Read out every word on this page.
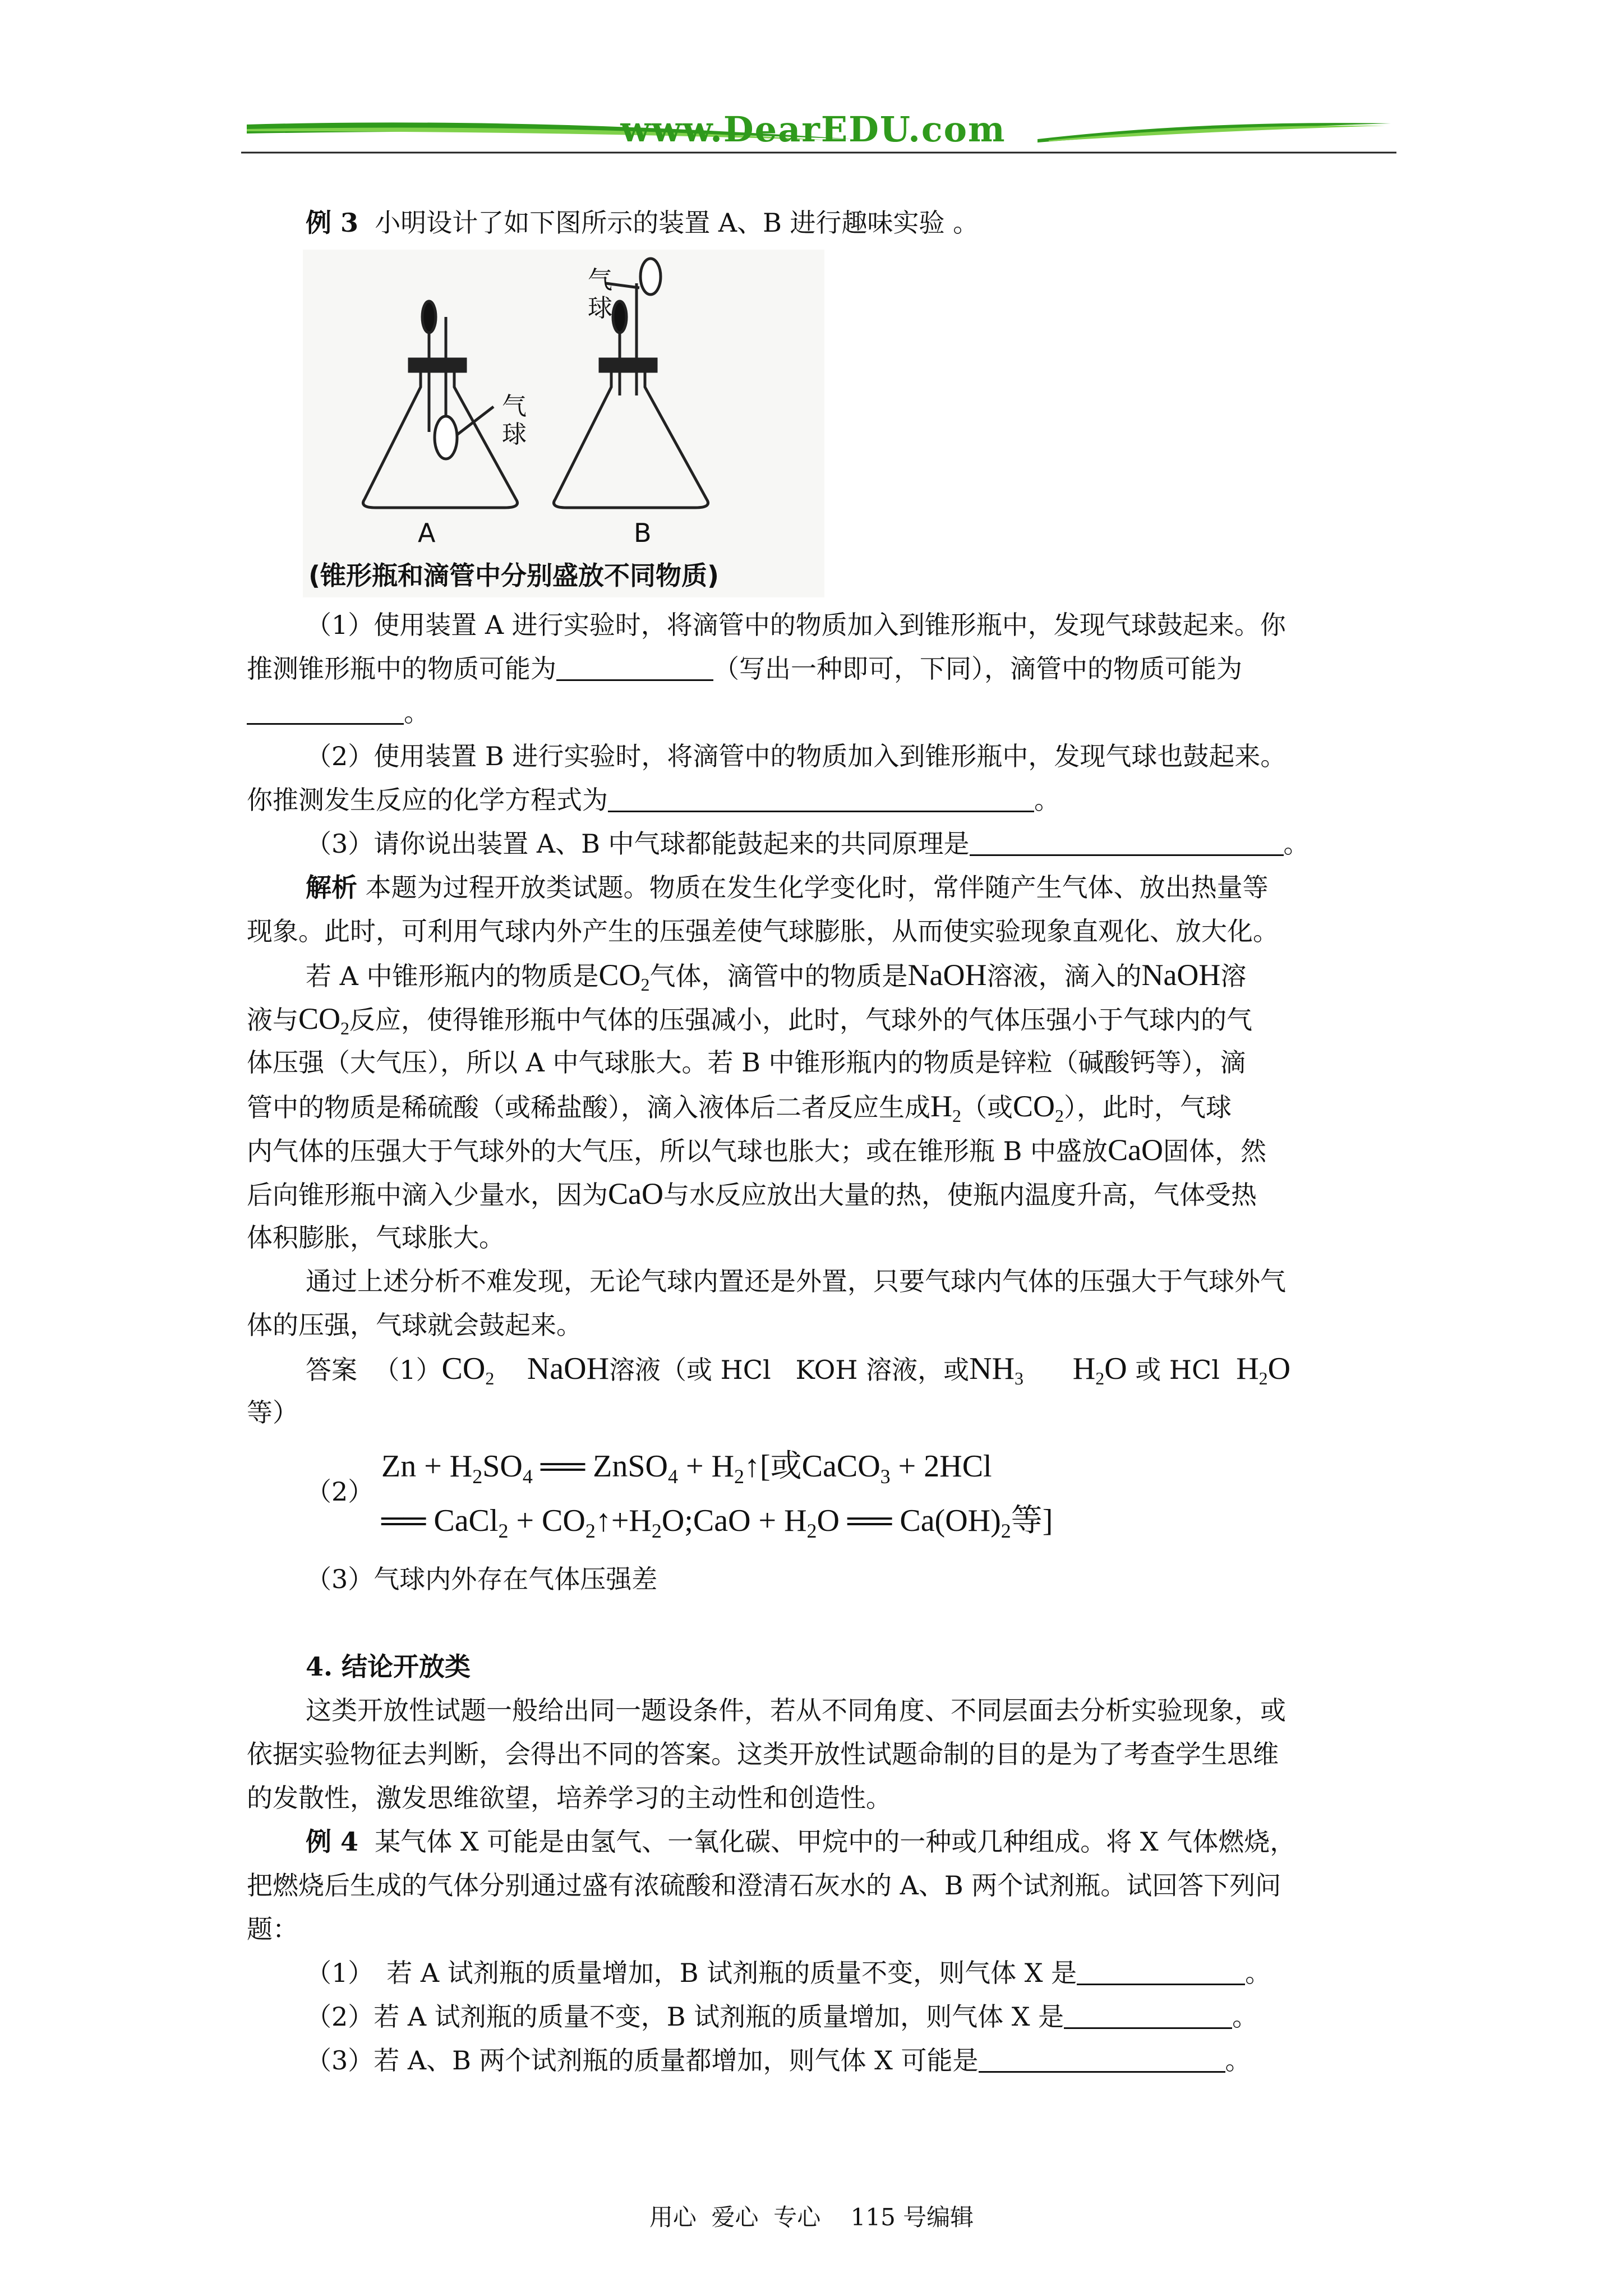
www.DearEDU.com
例 3 小明设计了如下图所示的装置 A、B 进行趣味实验 。
气球
气球
A	B
(锥形瓶和滴管中分别盛放不同物质)
（1）使用装置 A 进行实验时，将滴管中的物质加入到锥形瓶中，发现气球鼓起来。你
推测锥形瓶中的物质可能为	（写出一种即可，下同），滴管中的物质可能为
。
（2）使用装置 B 进行实验时，将滴管中的物质加入到锥形瓶中，发现气球也鼓起来。
你推测发生反应的化学方程式为	。
（3）请你说出装置 A、B 中气球都能鼓起来的共同原理是	。
解析 本题为过程开放类试题。物质在发生化学变化时，常伴随产生气体、放出热量等
现象。此时，可利用气球内外产生的压强差使气球膨胀，从而使实验现象直观化、放大化。
若 A 中锥形瓶内的物质是$CO_2$气体，滴管中的物质是NaOH溶液，滴入的NaOH溶
液与$CO_2$反应，使得锥形瓶中气体的压强减小，此时，气球外的气体压强小于气球内的气
体压强（大气压），所以 A 中气球胀大。若 B 中锥形瓶内的物质是锌粒（碱酸钙等），滴
管中的物质是稀硫酸（或稀盐酸），滴入液体后二者反应生成$H_2$（或$CO_2$），此时，气球
内气体的压强大于气球外的大气压，所以气球也胀大；或在锥形瓶 B 中盛放CaO固体，然
后向锥形瓶中滴入少量水，因为CaO与水反应放出大量的热，使瓶内温度升高，气体受热
体积膨胀，气球胀大。
通过上述分析不难发现，无论气球内置还是外置，只要气球内气体的压强大于气球外气
体的压强，气球就会鼓起来。
答案 $(1)CO_2$ NaOH溶液（或 HCl KOH 溶液，或$NH_3$ $H_2O$ 或 HCl $H_2O$
等）
（2）
$Zn + H_2SO_4$ ══ ZnSO$_4$ + $H_2↑$[或CaCO$_3$ + 2HCl
══ CaCl$_2$ + $CO_2↑+H_2O;CaO + H_2O$ ══ $Ca(OH)_2$等]
（3）气球内外存在气体压强差
4. 结论开放类
这类开放性试题一般给出同一题设条件，若从不同角度、不同层面去分析实验现象，或
依据实验物征去判断，会得出不同的答案。这类开放性试题命制的目的是为了考查学生思维
的发散性，激发思维欲望，培养学习的主动性和创造性。
例 4 某气体 X 可能是由氢气、一氧化碳、甲烷中的一种或几种组成。将 X 气体燃烧，
把燃烧后生成的气体分别通过盛有浓硫酸和澄清石灰水的 A、B 两个试剂瓶。试回答下列问
题：
（1）　若 A 试剂瓶的质量增加，B 试剂瓶的质量不变，则气体 X 是	。
（2）若 A 试剂瓶的质量不变，B 试剂瓶的质量增加，则气体 X 是	。
（3）若 A、B 两个试剂瓶的质量都增加，则气体 X 可能是	。
用心  爱心  专心    115 号编辑
